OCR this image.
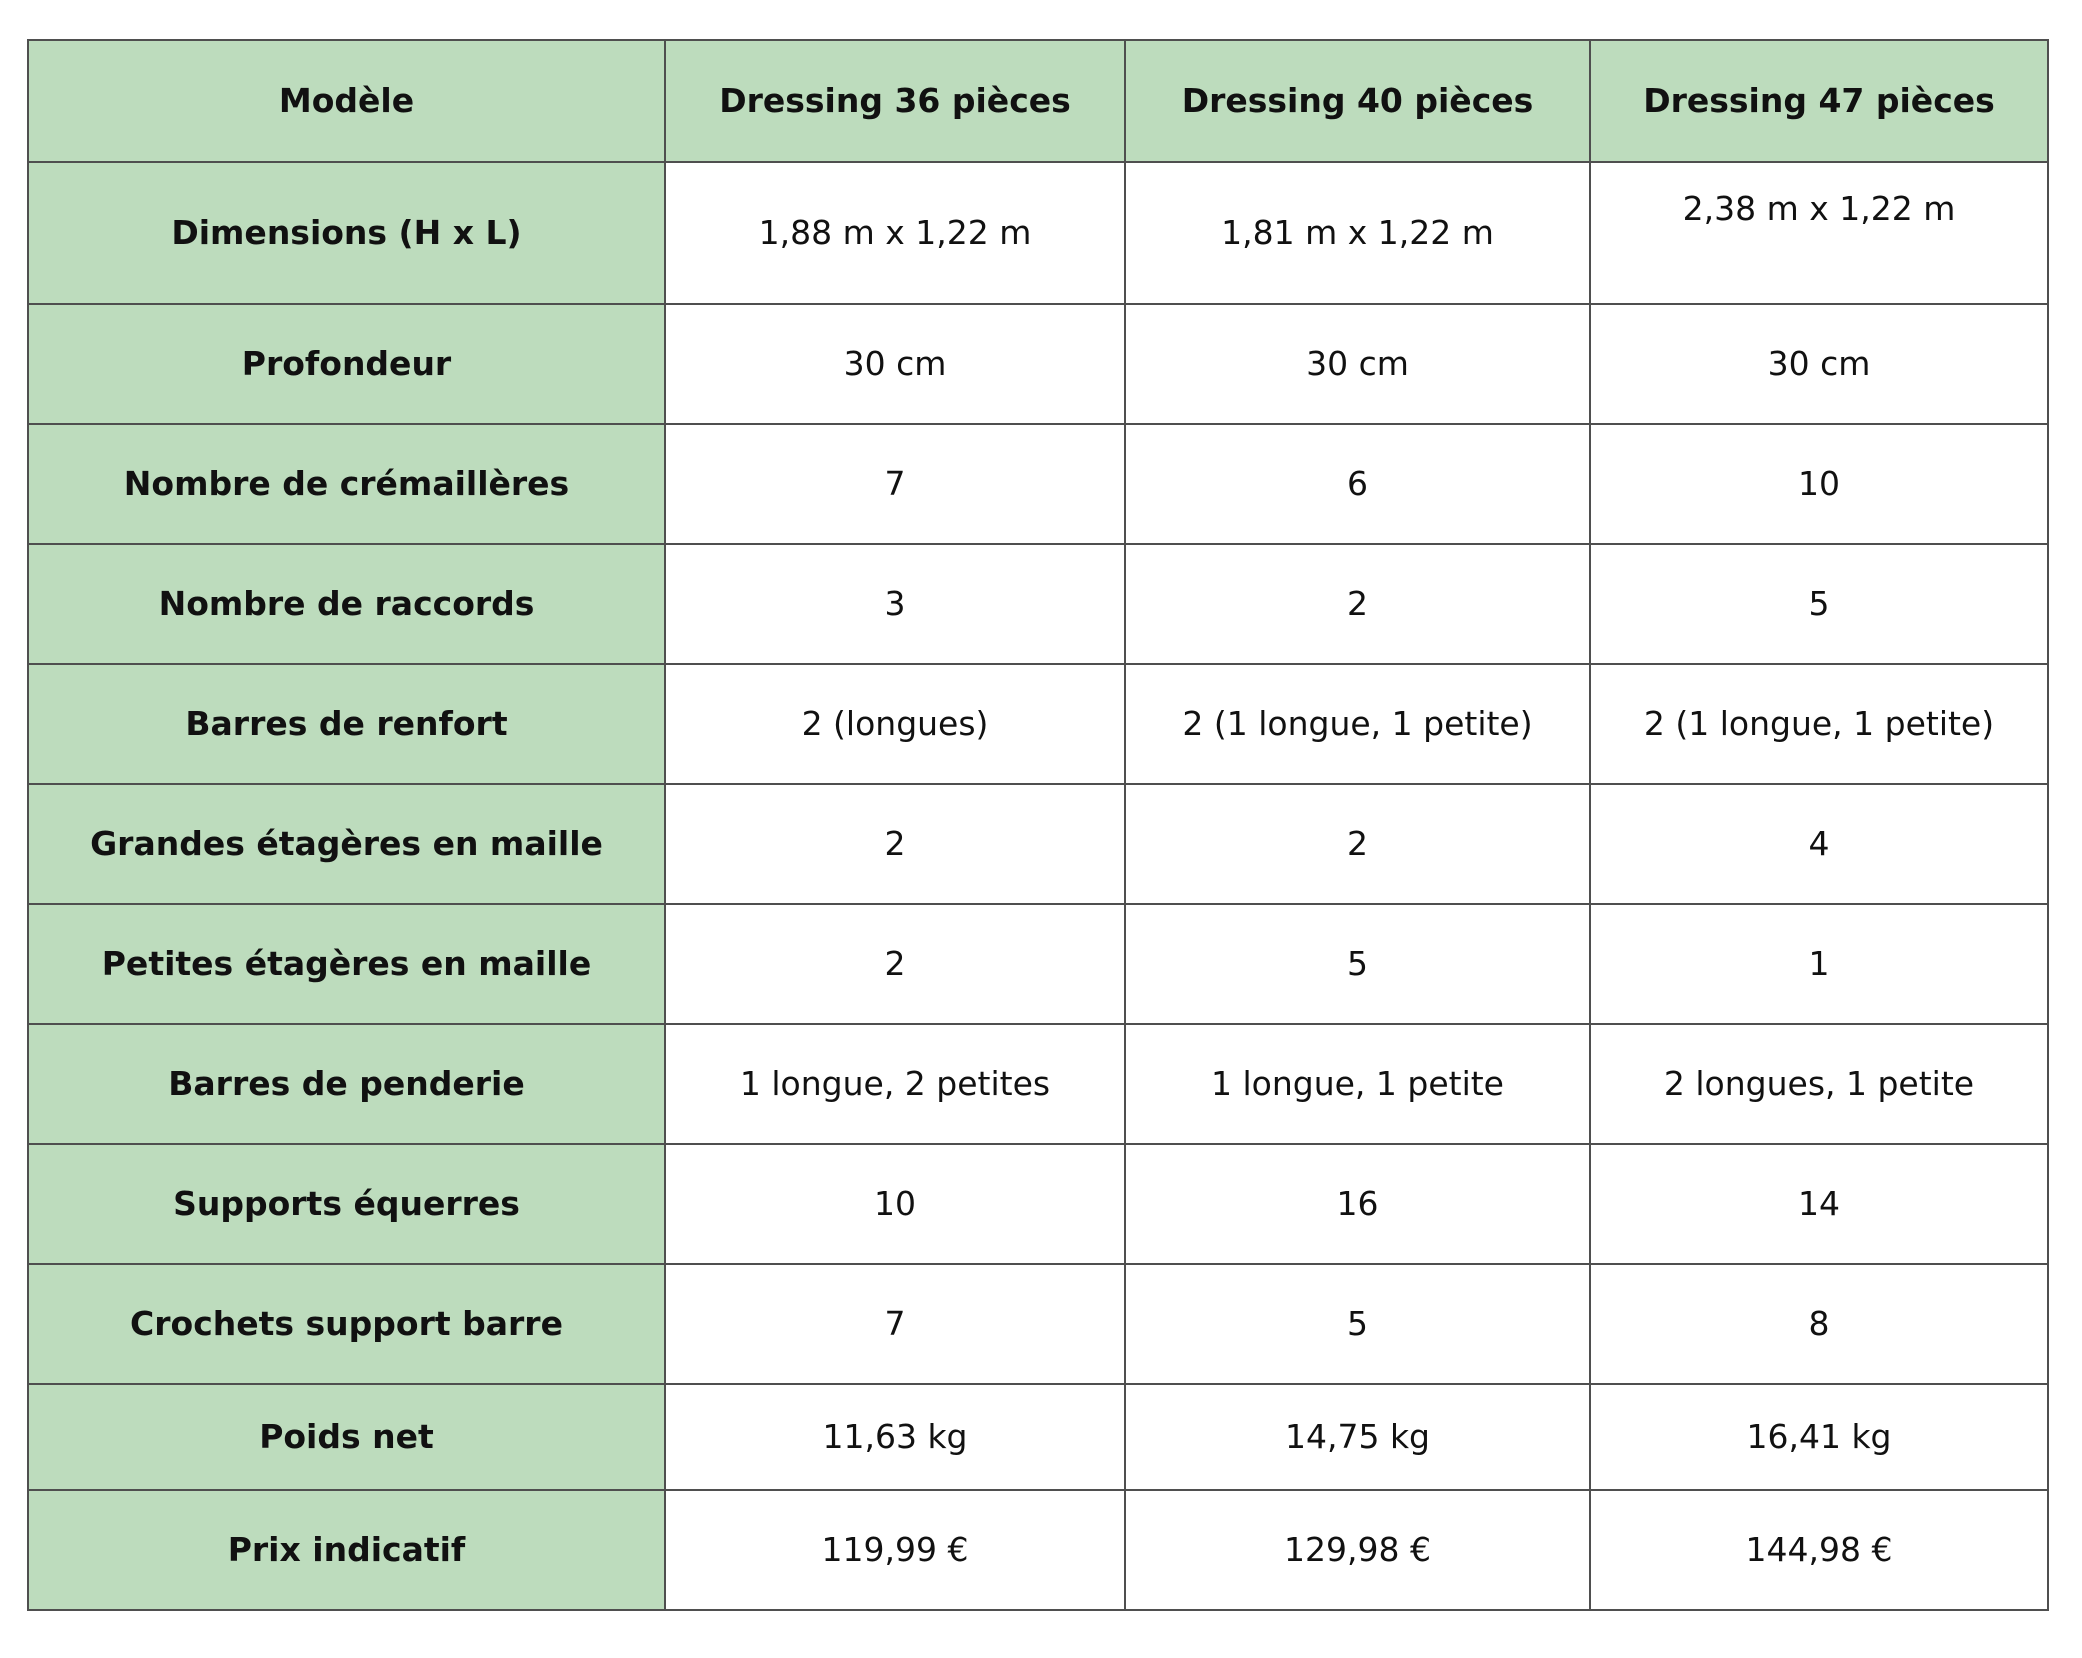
Modèle	Dressing 36 pièces	Dressing 40 pièces	Dressing 47 pièces
Dimensions (H x L)	1,88 m x 1,22 m	1,81 m x 1,22 m	2,38 m x 1,22 m
Profondeur	30 cm	30 cm	30 cm
Nombre de crémaillères	7	6	10
Nombre de raccords	3	2	5
Barres de renfort	2 (longues)	2 (1 longue, 1 petite)	2 (1 longue, 1 petite)
Grandes étagères en maille	2	2	4
Petites étagères en maille	2	5	1
Barres de penderie	1 longue, 2 petites	1 longue, 1 petite	2 longues, 1 petite
Supports équerres	10	16	14
Crochets support barre	7	5	8
Poids net	11,63 kg	14,75 kg	16,41 kg
Prix indicatif	119,99 €	129,98 €	144,98 €
